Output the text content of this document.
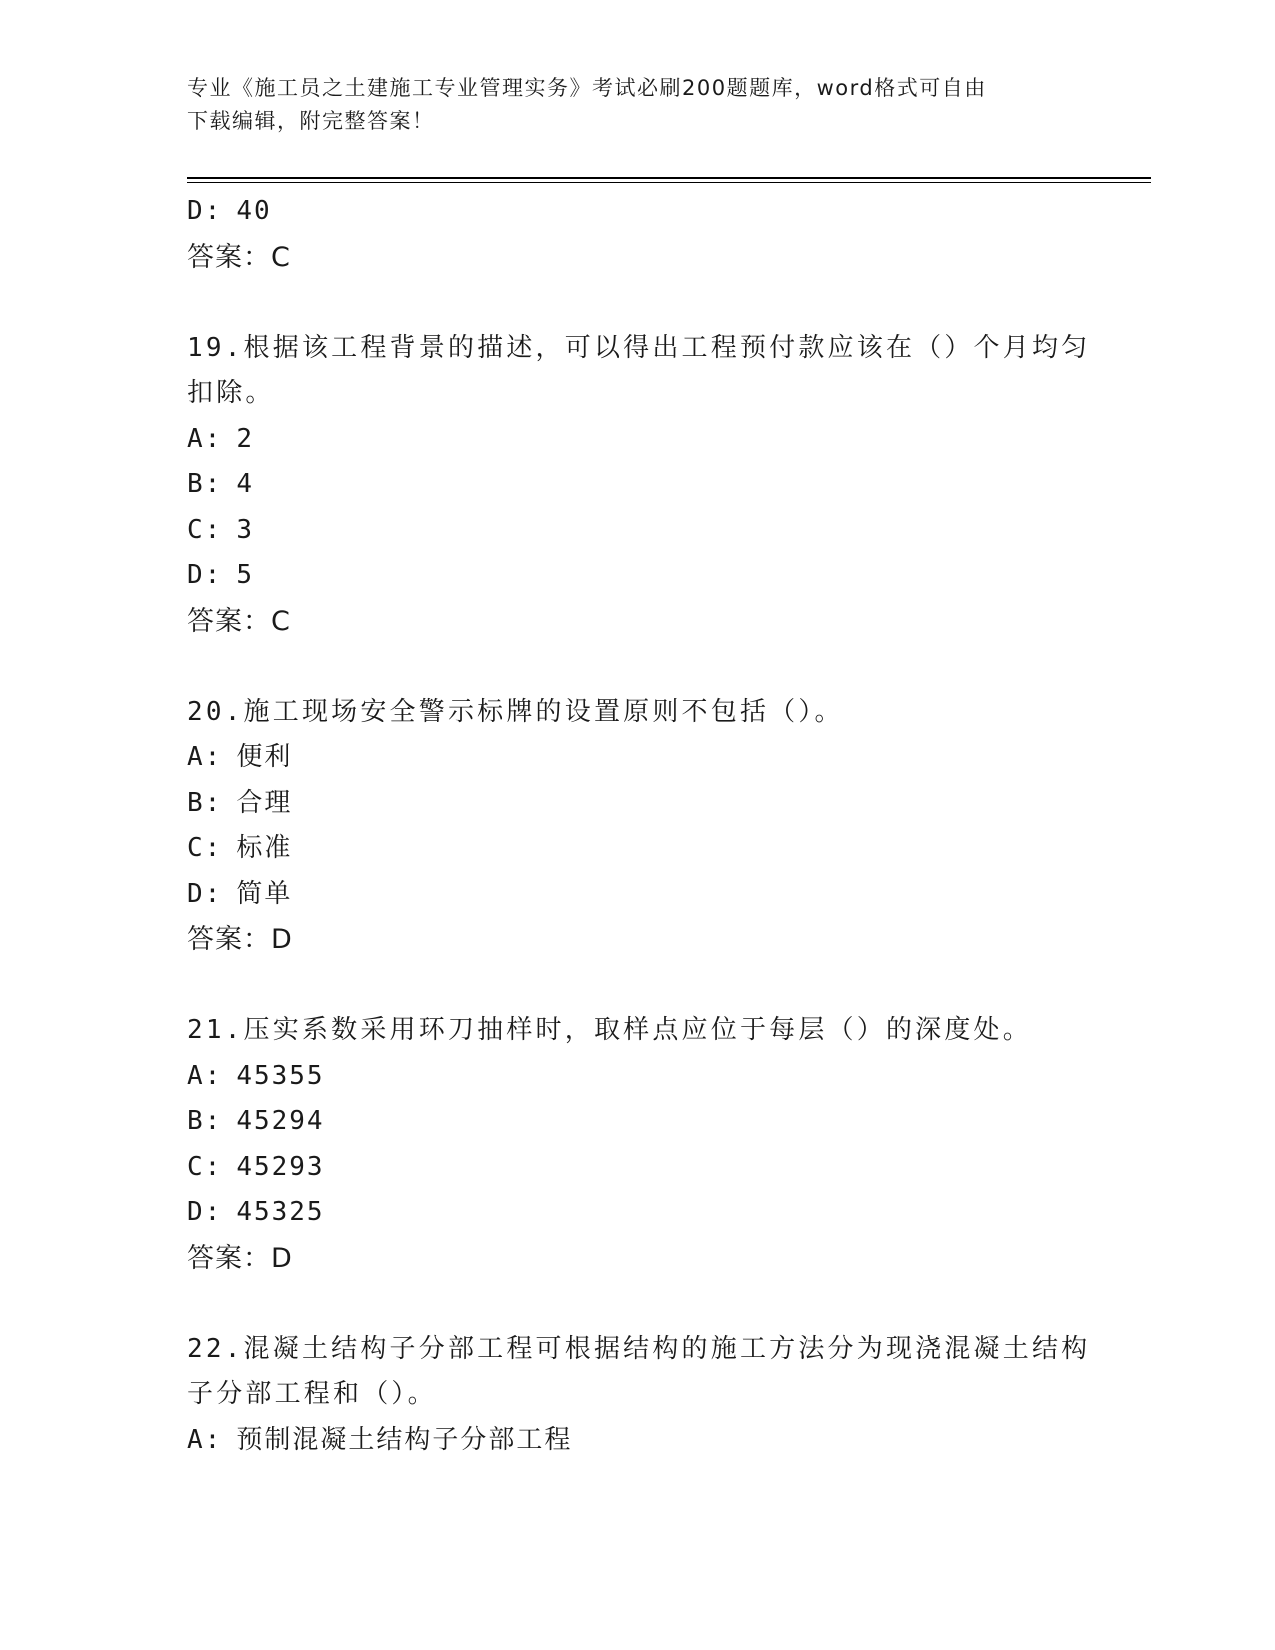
专业《施工员之土建施工专业管理实务》考试必刷200题题库，word格式可自由
下载编辑，附完整答案！
D: 40
答案：C
19.根据该工程背景的描述，可以得出工程预付款应该在（）个月均匀
扣除。
A: 2
B: 4
C: 3
D: 5
答案：C
20.施工现场安全警示标牌的设置原则不包括（）。
A: 便利
B: 合理
C: 标准
D: 简单
答案：D
21.压实系数采用环刀抽样时，取样点应位于每层（）的深度处。
A: 45355
B: 45294
C: 45293
D: 45325
答案：D
22.混凝土结构子分部工程可根据结构的施工方法分为现浇混凝土结构
子分部工程和（）。
A: 预制混凝土结构子分部工程
